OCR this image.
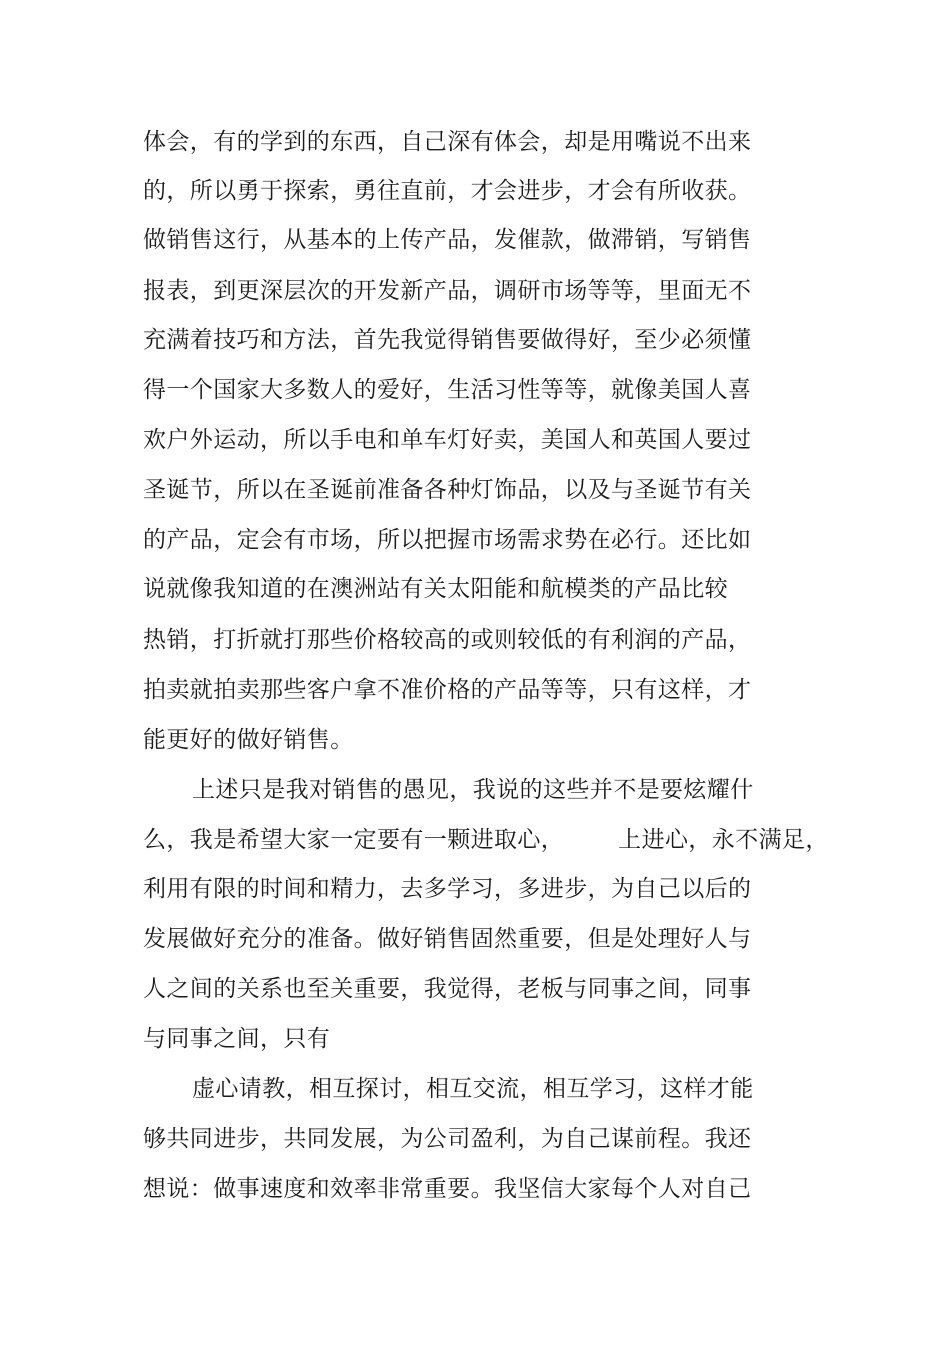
体会，有的学到的东西，自己深有体会，却是用嘴说不出来
的，所以勇于探索，勇往直前，才会进步，才会有所收获。
做销售这行，从基本的上传产品，发催款，做滞销，写销售
报表，到更深层次的开发新产品，调研市场等等，里面无不
充满着技巧和方法，首先我觉得销售要做得好，至少必须懂
得一个国家大多数人的爱好，生活习性等等，就像美国人喜
欢户外运动，所以手电和单车灯好卖，美国人和英国人要过
圣诞节，所以在圣诞前准备各种灯饰品，以及与圣诞节有关
的产品，定会有市场，所以把握市场需求势在必行。还比如
说就像我知道的在澳洲站有关太阳能和航模类的产品比较
热销，打折就打那些价格较高的或则较低的有利润的产品，
拍卖就拍卖那些客户拿不准价格的产品等等，只有这样，才
能更好的做好销售。
上述只是我对销售的愚见，我说的这些并不是要炫耀什
么，我是希望大家一定要有一颗进取心，       上进心，永不满足，
利用有限的时间和精力，去多学习，多进步，为自己以后的
发展做好充分的准备。做好销售固然重要，但是处理好人与
人之间的关系也至关重要，我觉得，老板与同事之间，同事
与同事之间，只有
虚心请教，相互探讨，相互交流，相互学习，这样才能
够共同进步，共同发展，为公司盈利，为自己谋前程。我还
想说：做事速度和效率非常重要。我坚信大家每个人对自己
